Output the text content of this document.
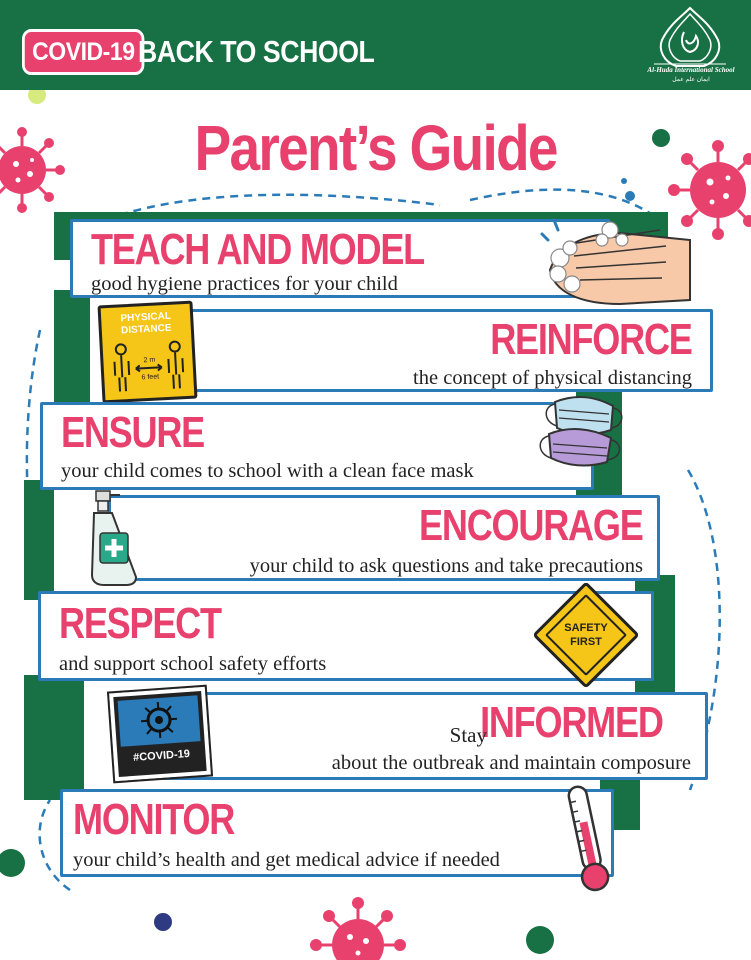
COVID-19 BACK TO SCHOOL
Al-Huda International School
ایمان علم عمل
Parent’s Guide
TEACH AND MODEL
good hygiene practices for your child
REINFORCE
the concept of physical distancing
PHYSICAL
DISTANCE
2 m
6 feet
ENSURE
your child comes to school with a clean face mask
ENCOURAGE
your child to ask questions and take precautions
RESPECT
and support school safety efforts
SAFETY
FIRST
INFORMED
Stay
about the outbreak and maintain composure
#COVID-19
MONITOR
your child’s health and get medical advice if needed
